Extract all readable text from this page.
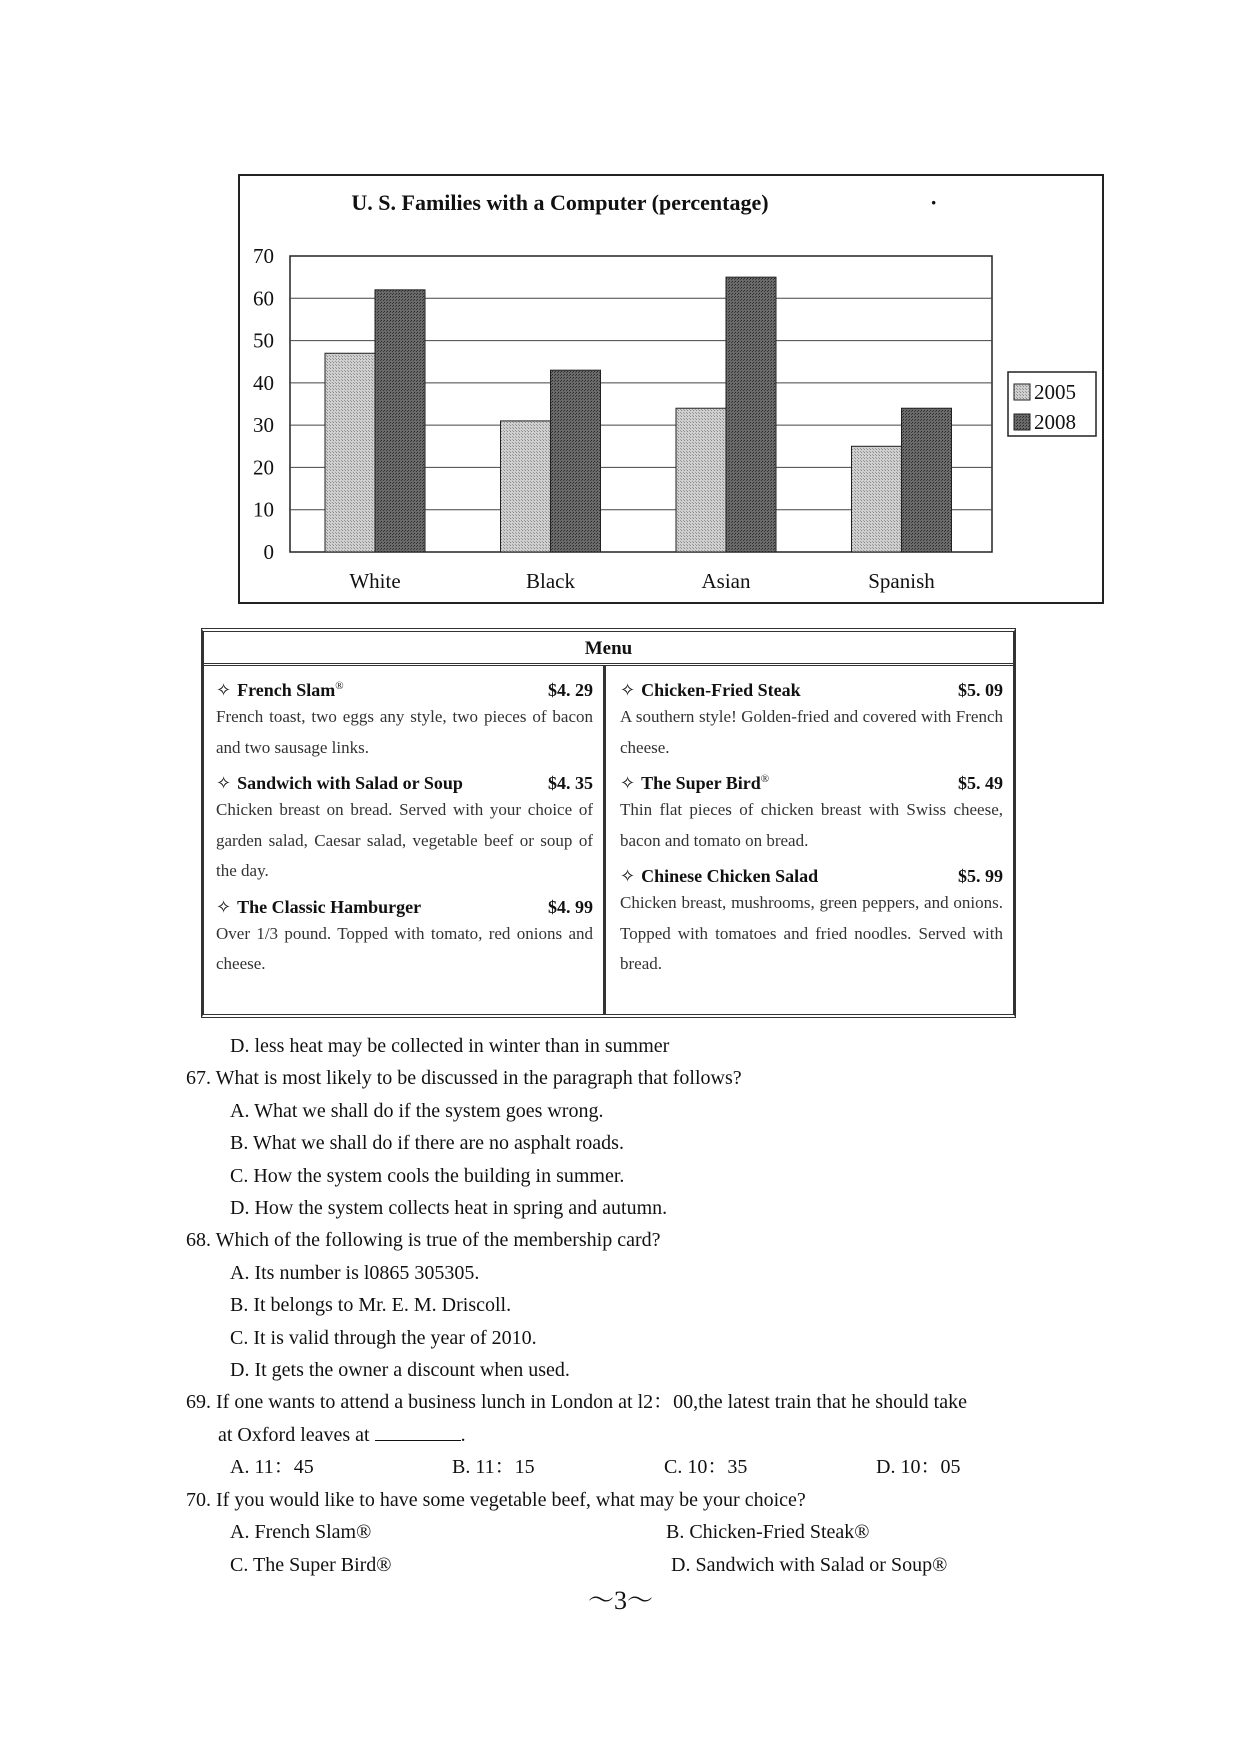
U. S. Families with a Computer (percentage)	·
0
10
20
30
40
50
60
70
White	Black	Asian	Spanish
2005
2008
Menu
✧ French Slam®	$4. 29
French toast, two eggs any style, two pieces of bacon and two sausage links.
✧ Sandwich with Salad or Soup	$4. 35
Chicken breast on bread. Served with your choice of garden salad, Caesar salad, vegetable beef or soup of the day.
✧ The Classic Hamburger	$4. 99
Over 1/3 pound. Topped with tomato, red onions and cheese.
✧ Chicken-Fried Steak	$5. 09
A southern style! Golden-fried and covered with French cheese.
✧ The Super Bird®	$5. 49
Thin flat pieces of chicken breast with Swiss cheese, bacon and tomato on bread.
✧ Chinese Chicken Salad	$5. 99
Chicken breast, mushrooms, green peppers, and onions. Topped with tomatoes and fried noodles. Served with bread.
D. less heat may be collected in winter than in summer
67. What is most likely to be discussed in the paragraph that follows?
A. What we shall do if the system goes wrong.
B. What we shall do if there are no asphalt roads.
C. How the system cools the building in summer.
D. How the system collects heat in spring and autumn.
68. Which of the following is true of the membership card?
A. Its number is l0865 305305.
B. It belongs to Mr. E. M. Driscoll.
C. It is valid through the year of 2010.
D. It gets the owner a discount when used.
69. If one wants to attend a business lunch in London at l2：00,the latest train that he should take
at Oxford leaves at	.
A. 11：45	B. 11：15	C. 10：35	D. 10：05
70. If you would like to have some vegetable beef, what may be your choice?
A. French Slam®	B. Chicken-Fried Steak®
C. The Super Bird®	D. Sandwich with Salad or Soup®
～3～
